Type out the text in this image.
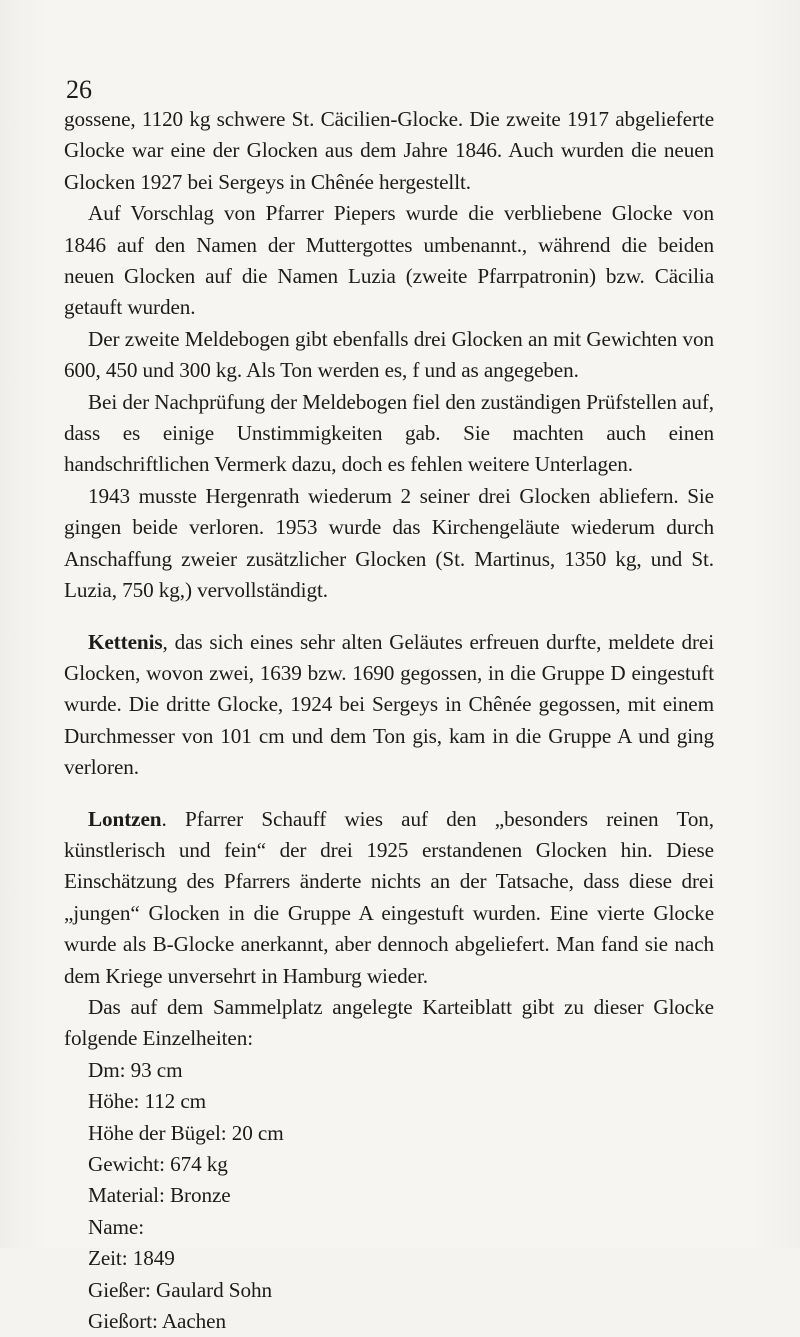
26

gossene, 1120 kg schwere St. Cäcilien-Glocke. Die zweite 1917 abgelieferte Glocke war eine der Glocken aus dem Jahre 1846. Auch wurden die neuen Glocken 1927 bei Sergeys in Chênée hergestellt.

Auf Vorschlag von Pfarrer Piepers wurde die verbliebene Glocke von 1846 auf den Namen der Muttergottes umbenannt., während die beiden neuen Glocken auf die Namen Luzia (zweite Pfarrpatronin) bzw. Cäcilia getauft wurden.

Der zweite Meldebogen gibt ebenfalls drei Glocken an mit Gewichten von 600, 450 und 300 kg. Als Ton werden es, f und as angegeben.

Bei der Nachprüfung der Meldebogen fiel den zuständigen Prüfstellen auf, dass es einige Unstimmigkeiten gab. Sie machten auch einen handschriftlichen Vermerk dazu, doch es fehlen weitere Unterlagen.

1943 musste Hergenrath wiederum 2 seiner drei Glocken abliefern. Sie gingen beide verloren. 1953 wurde das Kirchengeläute wiederum durch Anschaffung zweier zusätzlicher Glocken (St. Martinus, 1350 kg, und St. Luzia, 750 kg,) vervollständigt.

Kettenis, das sich eines sehr alten Geläutes erfreuen durfte, meldete drei Glocken, wovon zwei, 1639 bzw. 1690 gegossen, in die Gruppe D eingestuft wurde. Die dritte Glocke, 1924 bei Sergeys in Chênée gegossen, mit einem Durchmesser von 101 cm und dem Ton gis, kam in die Gruppe A und ging verloren.

Lontzen. Pfarrer Schauff wies auf den „besonders reinen Ton, künstlerisch und fein“ der drei 1925 erstandenen Glocken hin. Diese Einschätzung des Pfarrers änderte nichts an der Tatsache, dass diese drei „jungen“ Glocken in die Gruppe A eingestuft wurden. Eine vierte Glocke wurde als B-Glocke anerkannt, aber dennoch abgeliefert. Man fand sie nach dem Kriege unversehrt in Hamburg wieder.

Das auf dem Sammelplatz angelegte Karteiblatt gibt zu dieser Glocke folgende Einzelheiten:

Dm: 93 cm
Höhe: 112 cm
Höhe der Bügel: 20 cm
Gewicht: 674 kg
Material: Bronze
Name:
Zeit: 1849
Gießer: Gaulard Sohn
Gießort: Aachen
